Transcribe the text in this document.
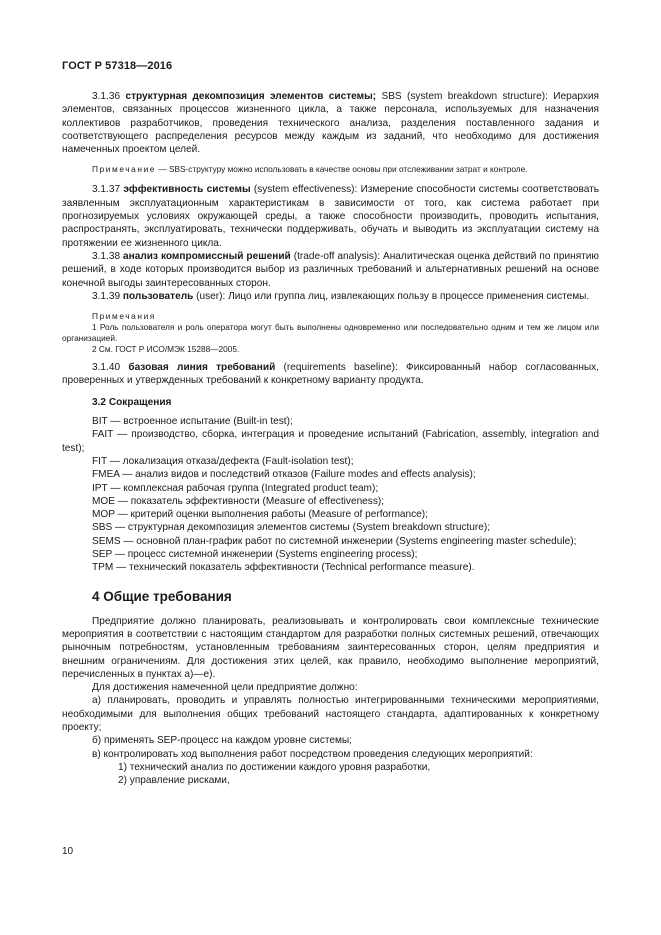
ГОСТ Р 57318—2016

3.1.36 структурная декомпозиция элементов системы; SBS (system breakdown structure): Иерархия элементов, связанных процессов жизненного цикла, а также персонала, используемых для назначения коллективов разработчиков, проведения технического анализа, разделения поставленного задания и соответствующего распределения ресурсов между каждым из заданий, что необходимо для достижения намеченных проектом целей.

Примечание — SBS-структуру можно использовать в качестве основы при отслеживании затрат и контроле.

3.1.37 эффективность системы (system effectiveness): Измерение способности системы соответствовать заявленным эксплуатационным характеристикам в зависимости от того, как система работает при прогнозируемых условиях окружающей среды, а также способности производить, проводить испытания, распространять, эксплуатировать, технически поддерживать, обучать и выводить из эксплуатации систему на протяжении ее жизненного цикла.

3.1.38 анализ компромиссный решений (trade-off analysis): Аналитическая оценка действий по принятию решений, в ходе которых производится выбор из различных требований и альтернативных решений на основе конечной выгоды заинтересованных сторон.

3.1.39 пользователь (user): Лицо или группа лиц, извлекающих пользу в процессе применения системы.

Примечания

1 Роль пользователя и роль оператора могут быть выполнены одновременно или последовательно одним и тем же лицом или организацией.

2 См. ГОСТ Р ИСО/МЭК 15288—2005.

3.1.40 базовая линия требований (requirements baseline): Фиксированный набор согласованных, проверенных и утвержденных требований к конкретному варианту продукта.

3.2 Сокращения

BIT — встроенное испытание (Built-in test);

FAIT — производство, сборка, интеграция и проведение испытаний (Fabrication, assembly, integration and test);

FIT — локализация отказа/дефекта (Fault-isolation test);

FMEA — анализ видов и последствий отказов (Failure modes and effects analysis);

IPT — комплексная рабочая группа (Integrated product team);

MOE — показатель эффективности (Measure of effectiveness);

MOP — критерий оценки выполнения работы (Measure of performance);

SBS — структурная декомпозиция элементов системы (System breakdown structure);

SEMS — основной план-график работ по системной инженерии (Systems engineering master schedule);

SEP — процесс системной инженерии (Systems engineering process);

TPM — технический показатель эффективности (Technical performance measure).

4 Общие требования

Предприятие должно планировать, реализовывать и контролировать свои комплексные технические мероприятия в соответствии с настоящим стандартом для разработки полных системных решений, отвечающих рыночным потребностям, установленным требованиям заинтересованных сторон, целям предприятия и внешним ограничениям. Для достижения этих целей, как правило, необходимо выполнение мероприятий, перечисленных в пунктах а)—е).

Для достижения намеченной цели предприятие должно:

а) планировать, проводить и управлять полностью интегрированными техническими мероприятиями, необходимыми для выполнения общих требований настоящего стандарта, адаптированных к конкретному проекту;

б) применять SEP-процесс на каждом уровне системы;

в) контролировать ход выполнения работ посредством проведения следующих мероприятий:

1) технический анализ по достижении каждого уровня разработки,

2) управление рисками,

10
